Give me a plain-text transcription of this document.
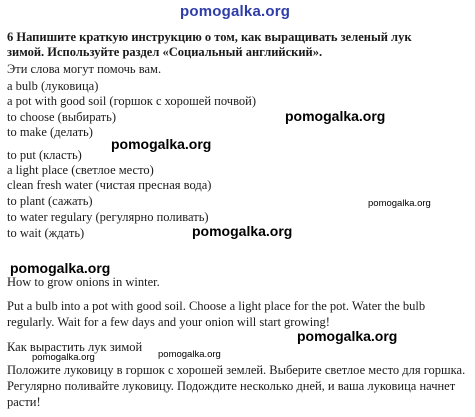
pomogalka.org
6 Напишите краткую инструкцию о том, как выращивать зеленый лук
зимой. Используйте раздел «Социальный английский».
Эти слова могут помочь вам.
a bulb (луковица)
a pot with good soil (горшок с хорошей почвой)
to choose (выбирать)
to make (делать)
to put (класть)
a light place (светлое место)
clean fresh water (чистая пресная вода)
to plant (сажать)
to water regulary (регулярно поливать)
to wait (ждать)
pomogalka.org
pomogalka.org
pomogalka.org
pomogalka.org
pomogalka.org
How to grow onions in winter.
Put a bulb into a pot with good soil. Choose a light place for the pot. Water the bulb regularly. Wait for a few days and your onion will start growing!
pomogalka.org
Как вырастить лук зимой
pomogalka.org	pomogalka.org
Положите луковицу в горшок с хорошей землей. Выберите светлое место для горшка. Регулярно поливайте луковицу. Подождите несколько дней, и ваша луковица начнет расти!
